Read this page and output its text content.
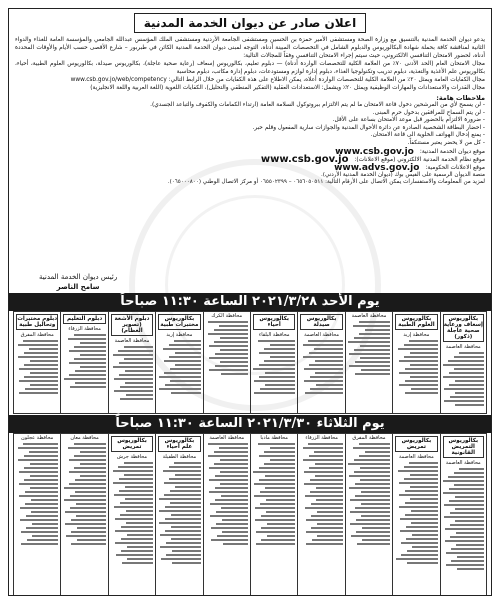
اعلان صادر عن ديوان الخدمة المدنية

يدعو ديوان الخدمة المدنية بالتنسيق مع وزارة الصحة ومستشفى الأمير حمزة بن الحسين ومستشفى الجامعة الأردنية ومستشفى الملك المؤسس عبدالله الجامعي والمؤسسة العامة للغذاء والدواء الثانية لمناقشة كافة بحملة شهادة البكالوريوس والدبلوم الشامل في التخصصات المبينة أدناه، التوجه لمبنى ديوان الخدمة المدنية الكائن في طبربور – شارع الأقصى حسب الأيام والأوقات المحددة أدناه، لحضور الامتحان التنافسي الالكتروني، حيث سيتم إجراء الامتحان التنافسي وفقاً للمجالات التالية:

مجال الامتحان العام (الحد الأدنى ٧٠٪ من العلامة الكلية للتخصصات الواردة أدناه) — دبلوم تعليم، بكالوريوس إسعاف (رعاية صحية عاجلة)، بكالوريوس صيدلة، بكالوريوس العلوم الطبية، أحياء، بكالوريوس علم الأغذية والتغذية، دبلوم تدريب وتكنولوجيا الغذاء، دبلوم إدارة لوازم ومستودعات، دبلوم إدارة مكاتب، دبلوم محاسبة

مجال الكفايات العامة ويمثل ٢٠٪ من العلامة الكلية للتخصصات الواردة أعلاه، يمكن الاطلاع على هذه الكفايات من خلال الرابط التالي: www.csb.gov.jo/web/competency

مجال القدرات والاستعدادات والمهارات الوظيفية ويمثل ٢٠٪ ويشمل: الاستعدادات العقلية (التفكير المنطقي والتحليل)، الكفايات اللغوية (اللغة العربية واللغة الانجليزية)

ملاحظات هامة:
- لن يسمح لأي من المرشحين دخول قاعة الامتحان ما لم يتم الالتزام ببروتوكول السلامة العامة (ارتداء الكمامات والكفوف والتباعد الجسدي).
- لن يتم السماح للمرافقين بدخول حرم المبنى.
- ضرورة الالتزام بالحضور قبل موعد الامتحان بساعة على الأقل.
- احضار البطاقة الشخصية الصادرة عن دائرة الأحوال المدنية والجوازات سارية المفعول وقلم حبر.
- يمنع إدخال الهواتف الخلوية الى قاعة الامتحان.
- كل من لا يحضر يعتبر مستنكفاً.
موقع ديوان الخدمة المدنية:
www.csb.gov.jo
موقع نظام الخدمة المدنية الالكتروني (موقع الاعلانات):
www.csb.gov.jo
موقع الاعلانات الحكومية:
www.advs.gov.jo
منصة الديوان الرسمية على الفيس بوك (ديوان الخدمة المدنية الأردني).
لمزيد من المعلومات والاستفسارات يمكن الاتصال على الأرقام التالية: ٠٦٥٦٠٥٠٥١١ – ٠٦٥٥٠٢٣٩٩ أو مركز الاتصال الوطني (٠٦٥٠٠٠٨٠٠).
رئيس ديوان الخدمة المدنية
سامح الناصر
يوم الأحد ٢٠٢١/٣/٢٨ الساعة ١١:٣٠ صباحاً
بكالوريوس إسعاف ورعاية صحية عاجلة (ذكور)
محافظة العاصمة
بكالوريوس العلوم الطبية
محافظة إربد
محافظة العاصمة
بكالوريوس صيدلة
محافظة العاصمة
بكالوريوس أحياء
محافظة البلقاء
محافظة الكرك
بكالوريوس مختبرات طبية
محافظة إربد
دبلوم الأشعة (تصوير العظام)
محافظة العاصمة
دبلوم التعليم
محافظة الزرقاء
دبلوم مختبرات وتحاليل طبية
محافظة المفرق
يوم الثلاثاء ٢٠٢١/٣/٣٠ الساعة ١١:٣٠ صباحاً
بكالوريوس التمريض القانونية
محافظة العاصمة
بكالوريوس تمريض
محافظة العاصمة
محافظة المفرق
محافظة الزرقاء
محافظة مادبا
محافظة العاصمة
بكالوريوس علم أحياء
محافظة الطفيلة
بكالوريوس تمريض
محافظة جرش
محافظة معان
محافظة عجلون
